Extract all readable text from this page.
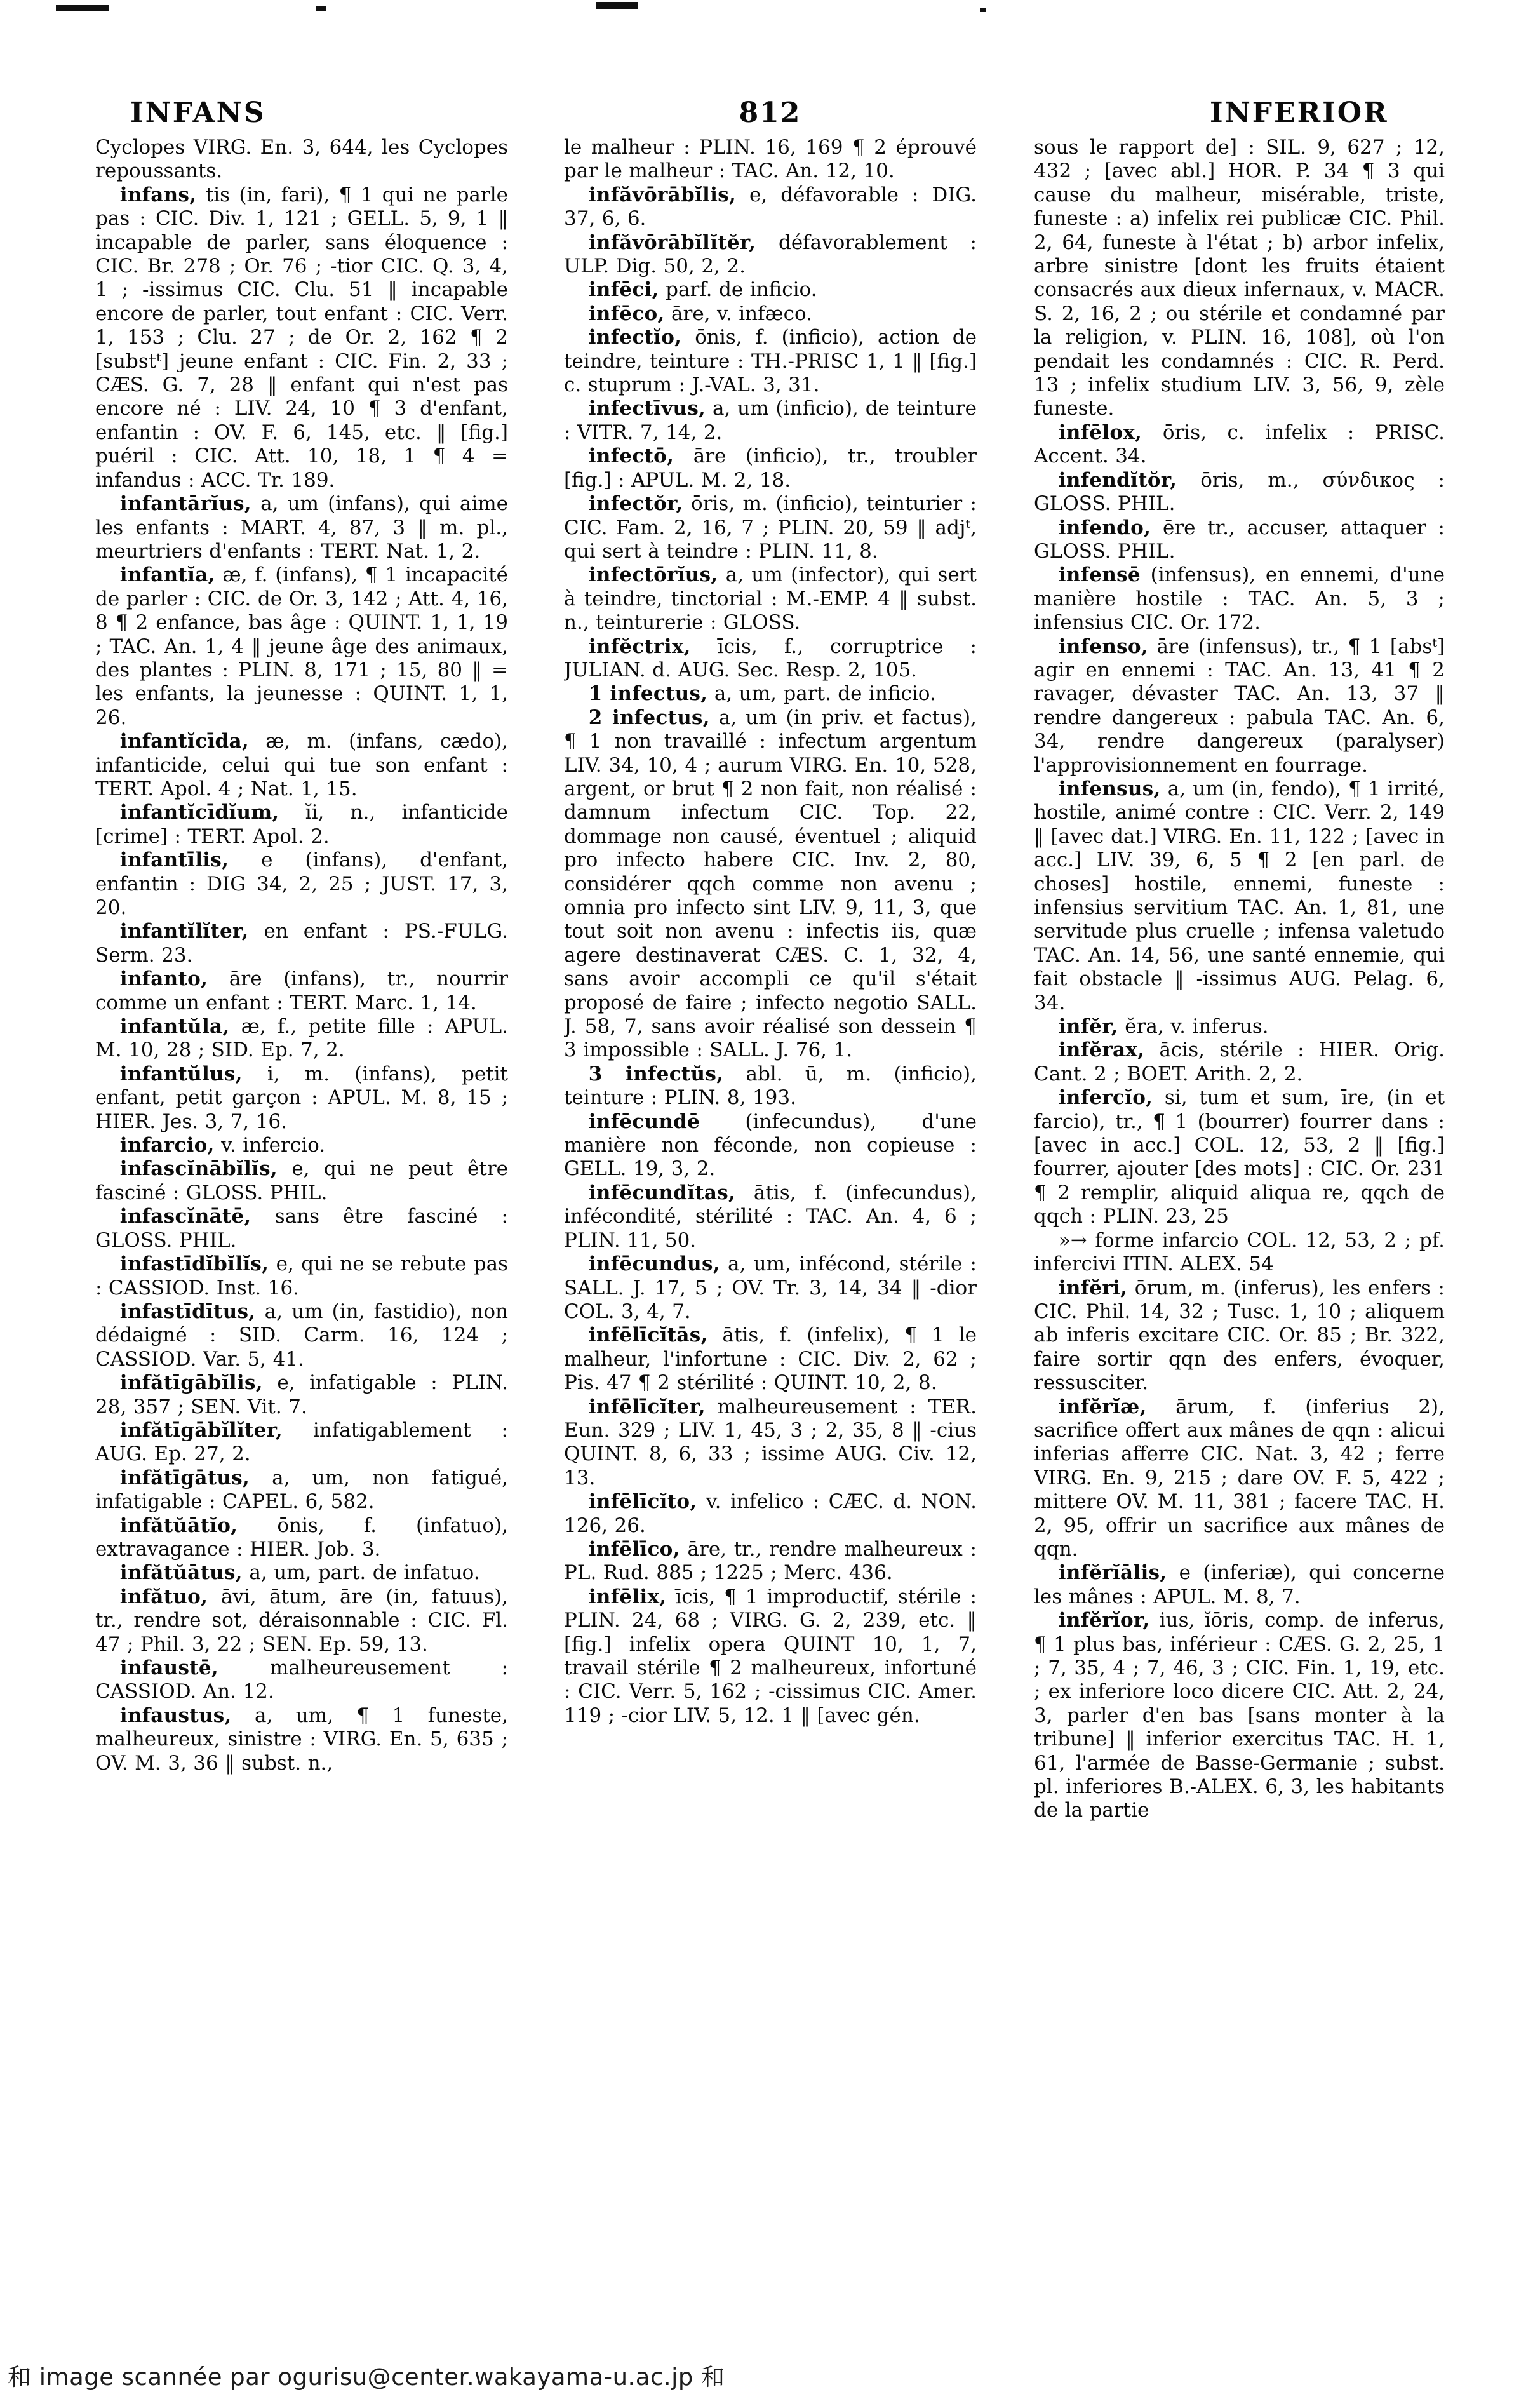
INFANS	812	INFERIOR

Cyclopes VIRG. En. 3, 644, les Cyclopes repoussants.

infans, tis (in, fari), ¶ 1 qui ne parle pas : CIC. Div. 1, 121 ; GELL. 5, 9, 1 ‖ incapable de parler, sans éloquence : CIC. Br. 278 ; Or. 76 ; -tior CIC. Q. 3, 4, 1 ; -issimus CIC. Clu. 51 ‖ incapable encore de parler, tout enfant : CIC. Verr. 1, 153 ; Clu. 27 ; de Or. 2, 162 ¶ 2 [substᵗ] jeune enfant : CIC. Fin. 2, 33 ; CÆS. G. 7, 28 ‖ enfant qui n'est pas encore né : LIV. 24, 10 ¶ 3 d'enfant, enfantin : OV. F. 6, 145, etc. ‖ [fig.] puéril : CIC. Att. 10, 18, 1 ¶ 4 = infandus : ACC. Tr. 189.

infantārĭus, a, um (infans), qui aime les enfants : MART. 4, 87, 3 ‖ m. pl., meurtriers d'enfants : TERT. Nat. 1, 2.

infantĭa, æ, f. (infans), ¶ 1 incapacité de parler : CIC. de Or. 3, 142 ; Att. 4, 16, 8 ¶ 2 enfance, bas âge : QUINT. 1, 1, 19 ; TAC. An. 1, 4 ‖ jeune âge des animaux, des plantes : PLIN. 8, 171 ; 15, 80 ‖ = les enfants, la jeunesse : QUINT. 1, 1, 26.

infantĭcīda, æ, m. (infans, cædo), infanticide, celui qui tue son enfant : TERT. Apol. 4 ; Nat. 1, 15.

infantĭcīdĭum, ĭi, n., infanticide [crime] : TERT. Apol. 2.

infantīlis, e (infans), d'enfant, enfantin : DIG 34, 2, 25 ; JUST. 17, 3, 20.

infantĭlĭter, en enfant : PS.-FULG. Serm. 23.

infanto, āre (infans), tr., nourrir comme un enfant : TERT. Marc. 1, 14.

infantŭla, æ, f., petite fille : APUL. M. 10, 28 ; SID. Ep. 7, 2.

infantŭlus, i, m. (infans), petit enfant, petit garçon : APUL. M. 8, 15 ; HIER. Jes. 3, 7, 16.

infarcio, v. infercio.

infascĭnābĭlĭs, e, qui ne peut être fasciné : GLOSS. PHIL.

infascĭnātē, sans être fasciné : GLOSS. PHIL.

infastīdĭbĭlĭs, e, qui ne se rebute pas : CASSIOD. Inst. 16.

infastīdītus, a, um (in, fastidio), non dédaigné : SID. Carm. 16, 124 ; CASSIOD. Var. 5, 41.

infătīgābĭlis, e, infatigable : PLIN. 28, 357 ; SEN. Vit. 7.

infătīgābĭlĭter, infatigablement : AUG. Ep. 27, 2.

infătīgātus, a, um, non fatigué, infatigable : CAPEL. 6, 582.

infătŭātĭo, ōnis, f. (infatuo), extravagance : HIER. Job. 3.

infătŭātus, a, um, part. de infatuo.

infătuo, āvi, ātum, āre (in, fatuus), tr., rendre sot, déraisonnable : CIC. Fl. 47 ; Phil. 3, 22 ; SEN. Ep. 59, 13.

infaustē, malheureusement : CASSIOD. An. 12.

infaustus, a, um, ¶ 1 funeste, malheureux, sinistre : VIRG. En. 5, 635 ; OV. M. 3, 36 ‖ subst. n.,

le malheur : PLIN. 16, 169 ¶ 2 éprouvé par le malheur : TAC. An. 12, 10.

infăvōrābĭlis, e, défavorable : DIG. 37, 6, 6.

infăvōrābĭlĭtĕr, défavorablement : ULP. Dig. 50, 2, 2.

infēci, parf. de inficio.

infēco, āre, v. infæco.

infectĭo, ōnis, f. (inficio), action de teindre, teinture : TH.-PRISC 1, 1 ‖ [fig.] c. stuprum : J.-VAL. 3, 31.

infectīvus, a, um (inficio), de teinture : VITR. 7, 14, 2.

infectō, āre (inficio), tr., troubler [fig.] : APUL. M. 2, 18.

infectŏr, ōris, m. (inficio), teinturier : CIC. Fam. 2, 16, 7 ; PLIN. 20, 59 ‖ adjᵗ, qui sert à teindre : PLIN. 11, 8.

infectōrĭus, a, um (infector), qui sert à teindre, tinctorial : M.-EMP. 4 ‖ subst. n., teinturerie : GLOSS.

infĕctrix, īcis, f., corruptrice : JULIAN. d. AUG. Sec. Resp. 2, 105.

1 infectus, a, um, part. de inficio.

2 infectus, a, um (in priv. et factus), ¶ 1 non travaillé : infectum argentum LIV. 34, 10, 4 ; aurum VIRG. En. 10, 528, argent, or brut ¶ 2 non fait, non réalisé : damnum infectum CIC. Top. 22, dommage non causé, éventuel ; aliquid pro infecto habere CIC. Inv. 2, 80, considérer qqch comme non avenu ; omnia pro infecto sint LIV. 9, 11, 3, que tout soit non avenu : infectis iis, quæ agere destinaverat CÆS. C. 1, 32, 4, sans avoir accompli ce qu'il s'était proposé de faire ; infecto negotio SALL. J. 58, 7, sans avoir réalisé son dessein ¶ 3 impossible : SALL. J. 76, 1.

3 infectŭs, abl. ū, m. (inficio), teinture : PLIN. 8, 193.

infēcundē (infecundus), d'une manière non féconde, non copieuse : GELL. 19, 3, 2.

infēcundĭtas, ātis, f. (infecundus), infécondité, stérilité : TAC. An. 4, 6 ; PLIN. 11, 50.

infēcundus, a, um, infécond, stérile : SALL. J. 17, 5 ; OV. Tr. 3, 14, 34 ‖ -dior COL. 3, 4, 7.

infēlīcĭtās, ātis, f. (infelix), ¶ 1 le malheur, l'infortune : CIC. Div. 2, 62 ; Pis. 47 ¶ 2 stérilité : QUINT. 10, 2, 8.

infēlīcĭter, malheureusement : TER. Eun. 329 ; LIV. 1, 45, 3 ; 2, 35, 8 ‖ -cius QUINT. 8, 6, 33 ; issime AUG. Civ. 12, 13.

infēlīcĭto, v. infelico : CÆC. d. NON. 126, 26.

infēlīco, āre, tr., rendre malheureux : PL. Rud. 885 ; 1225 ; Merc. 436.

infēlix, īcis, ¶ 1 improductif, stérile : PLIN. 24, 68 ; VIRG. G. 2, 239, etc. ‖ [fig.] infelix opera QUINT 10, 1, 7, travail stérile ¶ 2 malheureux, infortuné : CIC. Verr. 5, 162 ; -cissimus CIC. Amer. 119 ; -cior LIV. 5, 12. 1 ‖ [avec gén.

sous le rapport de] : SIL. 9, 627 ; 12, 432 ; [avec abl.] HOR. P. 34 ¶ 3 qui cause du malheur, misérable, triste, funeste : a) infelix rei publicæ CIC. Phil. 2, 64, funeste à l'état ; b) arbor infelix, arbre sinistre [dont les fruits étaient consacrés aux dieux infernaux, v. MACR. S. 2, 16, 2 ; ou stérile et condamné par la religion, v. PLIN. 16, 108], où l'on pendait les condamnés : CIC. R. Perd. 13 ; infelix studium LIV. 3, 56, 9, zèle funeste.

infēlox, ōris, c. infelix : PRISC. Accent. 34.

infendĭtŏr, ōris, m., σύνδικος : GLOSS. PHIL.

infendo, ēre tr., accuser, attaquer : GLOSS. PHIL.

infensē (infensus), en ennemi, d'une manière hostile : TAC. An. 5, 3 ; infensius CIC. Or. 172.

infenso, āre (infensus), tr., ¶ 1 [absᵗ] agir en ennemi : TAC. An. 13, 41 ¶ 2 ravager, dévaster TAC. An. 13, 37 ‖ rendre dangereux : pabula TAC. An. 6, 34, rendre dangereux (paralyser) l'approvisionnement en fourrage.

infensus, a, um (in, fendo), ¶ 1 irrité, hostile, animé contre : CIC. Verr. 2, 149 ‖ [avec dat.] VIRG. En. 11, 122 ; [avec in acc.] LIV. 39, 6, 5 ¶ 2 [en parl. de choses] hostile, ennemi, funeste : infensius servitium TAC. An. 1, 81, une servitude plus cruelle ; infensa valetudo TAC. An. 14, 56, une santé ennemie, qui fait obstacle ‖ -issimus AUG. Pelag. 6, 34.

infĕr, ĕra, v. inferus.

infĕrax, ācis, stérile : HIER. Orig. Cant. 2 ; BOET. Arith. 2, 2.

infercĭo, si, tum et sum, īre, (in et farcio), tr., ¶ 1 (bourrer) fourrer dans : [avec in acc.] COL. 12, 53, 2 ‖ [fig.] fourrer, ajouter [des mots] : CIC. Or. 231 ¶ 2 remplir, aliquid aliqua re, qqch de qqch : PLIN. 23, 25

»→ forme infarcio COL. 12, 53, 2 ; pf. infercivi ITIN. ALEX. 54

infĕri, ōrum, m. (inferus), les enfers : CIC. Phil. 14, 32 ; Tusc. 1, 10 ; aliquem ab inferis excitare CIC. Or. 85 ; Br. 322, faire sortir qqn des enfers, évoquer, ressusciter.

infĕrĭæ, ārum, f. (inferius 2), sacrifice offert aux mânes de qqn : alicui inferias afferre CIC. Nat. 3, 42 ; ferre VIRG. En. 9, 215 ; dare OV. F. 5, 422 ; mittere OV. M. 11, 381 ; facere TAC. H. 2, 95, offrir un sacrifice aux mânes de qqn.

infĕrĭālis, e (inferiæ), qui concerne les mânes : APUL. M. 8, 7.

infĕrĭor, ius, ĭōris, comp. de inferus, ¶ 1 plus bas, inférieur : CÆS. G. 2, 25, 1 ; 7, 35, 4 ; 7, 46, 3 ; CIC. Fin. 1, 19, etc. ; ex inferiore loco dicere CIC. Att. 2, 24, 3, parler d'en bas [sans monter à la tribune] ‖ inferior exercitus TAC. H. 1, 61, l'armée de Basse-Germanie ; subst. pl. inferiores B.-ALEX. 6, 3, les habitants de la partie

和 image scannée par ogurisu@center.wakayama-u.ac.jp 和
